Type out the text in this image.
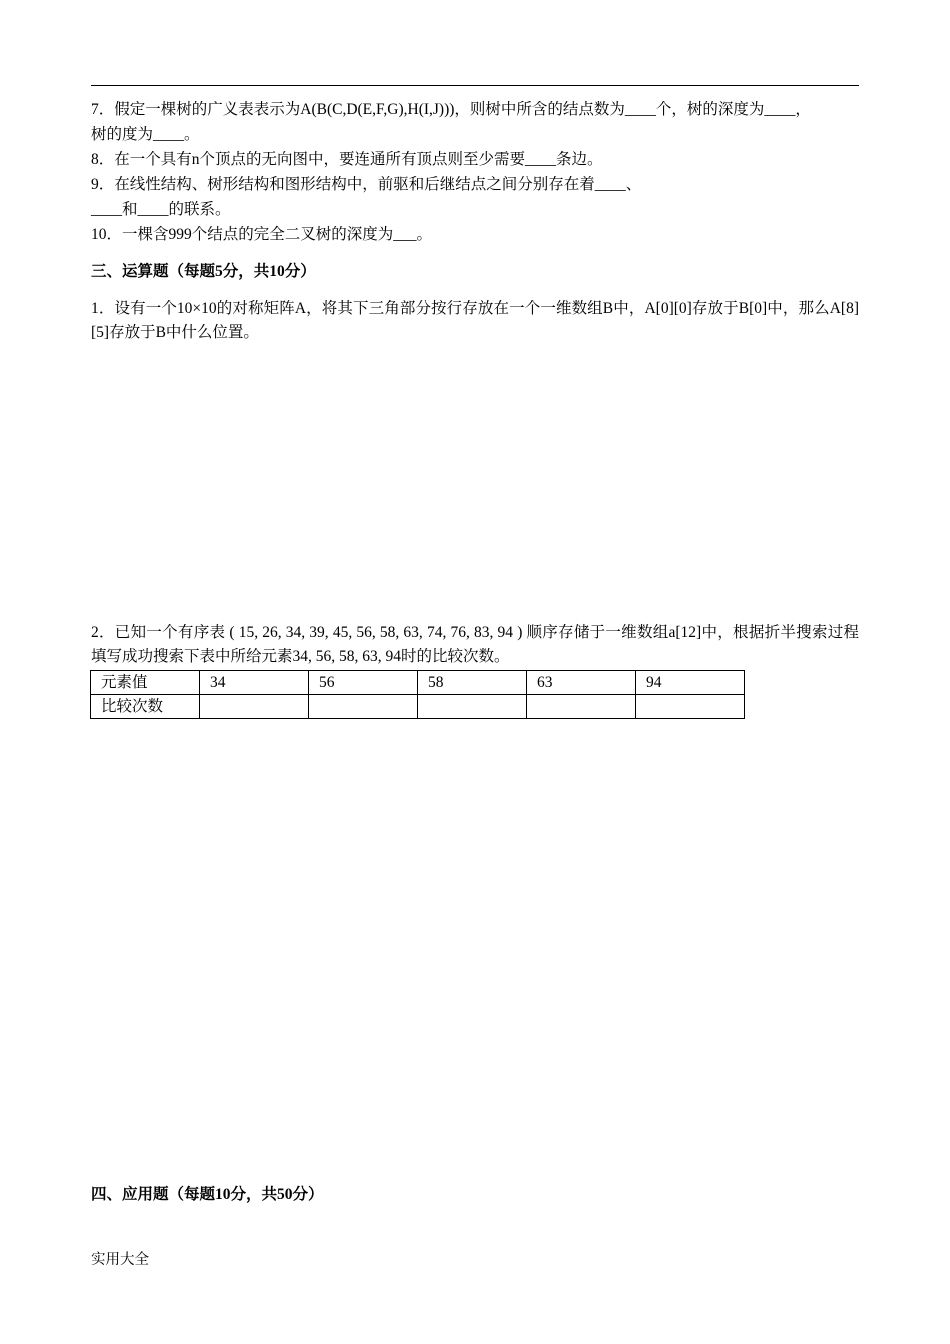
7．假定一棵树的广义表表示为A(B(C,D(E,F,G),H(I,J)))，则树中所含的结点数为____个，树的深度为____，
树的度为____。
8．在一个具有n个顶点的无向图中，要连通所有顶点则至少需要____条边。
9．在线性结构、树形结构和图形结构中，前驱和后继结点之间分别存在着____、
____和____的联系。
10．一棵含999个结点的完全二叉树的深度为___。
三、运算题（每题5分，共10分）
1．设有一个10×10的对称矩阵A，将其下三角部分按行存放在一个一维数组B中，A[0][0]存放于B[0]中，那么A[8][5]存放于B中什么位置。
2．已知一个有序表 ( 15, 26, 34, 39, 45, 56, 58, 63, 74, 76, 83, 94 ) 顺序存储于一维数组a[12]中，根据折半搜索过程填写成功搜索下表中所给元素34, 56, 58, 63, 94时的比较次数。
元素值	34	56	58	63	94
比较次数					
四、应用题（每题10分，共50分）
实用大全
